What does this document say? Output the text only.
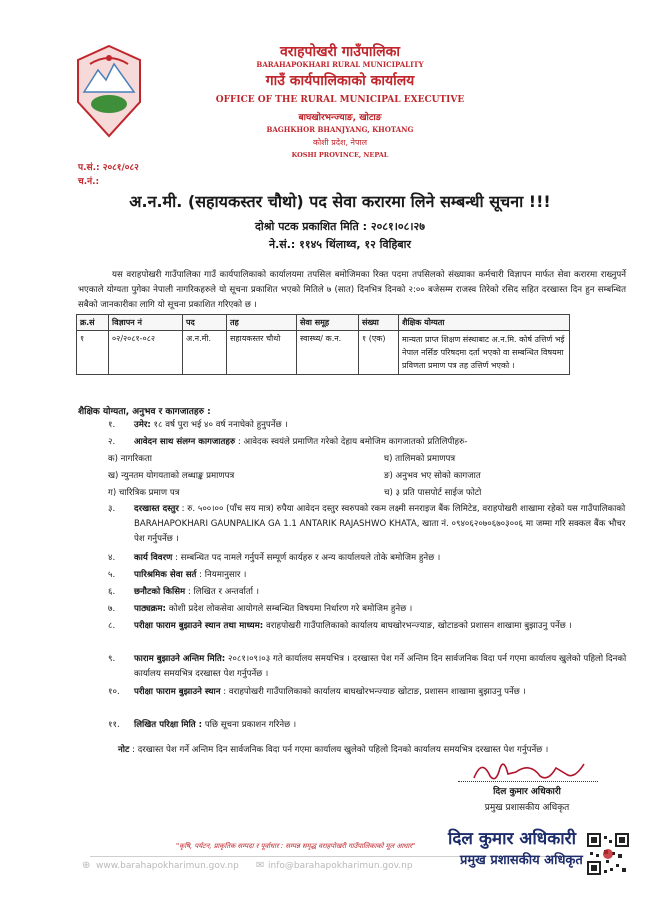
वराहपोखरी गाउँपालिका
BARAHAPOKHARI RURAL MUNICIPALITY
गाउँ कार्यपालिकाको कार्यालय
OFFICE OF THE RURAL MUNICIPAL EXECUTIVE
बाघखोरभन्ज्याङ, खोटाङ
BAGHKHOR BHANJYANG, KHOTANG
कोशी प्रदेश, नेपाल
KOSHI PROVINCE, NEPAL
प.सं.: २०८१/०८२
च.नं.:
अ.न.मी. (सहायकस्तर चौथो) पद सेवा करारमा लिने सम्बन्धी सूचना !!!
दोश्रो पटक प्रकाशित मिति : २०८१।०८।२७
ने.सं.: ११४५ थिंलाथ्व, १२ विहिबार
यस वराहपोखरी गाउँपालिका गाउँ कार्यपालिकाको कार्यालयमा तपसिल बमोजिमका रिक्त पदमा तपसिलको संख्याका कर्मचारी विज्ञापन मार्फत सेवा करारमा राख्नुपर्ने भएकाले योग्यता पुगेका नेपाली नागरिकहरुले यो सूचना प्रकाशित भएको मितिले ७ (सात) दिनभित्र दिनको २:०० बजेसम्म राजस्व तिरेको रसिद सहित दरखास्त दिन हुन सम्बन्धित सबैको जानकारीका लागि यो सूचना प्रकाशित गरिएको छ ।
क्र.सं	विज्ञापन नं	पद	तह	सेवा समूह	संख्या	शैक्षिक योग्यता
१	०२/२०८१-०८२	अ.न.मी.	सहायकस्तर चौथो	स्वास्थ्य/ क.न.	१ (एक)	मान्यता प्राप्त शिक्षण संस्थाबाट अ.न.मि. कोर्ष उत्तिर्ण भई नेपाल नर्सिङ परिषदमा दर्ता भएको वा सम्बन्धित विषयमा प्रविणता प्रमाण पत्र तह उत्तिर्ण भएको ।
शैक्षिक योग्यता, अनुभव र कागजातहरु :
१.	उमेर: १८ वर्ष पुरा भई ४० वर्ष ननाघेको हुनुपर्नेछ ।
२.	आवेदन साथ संलग्न कागजातहरु : आवेदक स्वयंले प्रमाणित गरेको देहाय बमोजिम कागजातको प्रतिलिपीहरु-
क) नागरिकता	घ) तालिमको प्रमाणपत्र
ख) न्युनतम योगयताको लब्धाङ्क प्रमाणपत्र	ङ) अनुभव भए सोको कागजात
ग) चारित्रिक प्रमाण पत्र	च) ३ प्रति पासपोर्ट साईज फोटो
३.	दरखास्त दस्तुर : रु. ५००।०० (पाँच सय मात्र) रुपैया आवेदन दस्तुर स्वरुपको रकम लक्ष्मी सनराइज बैंक लिमिटेड, वराहपोखरी शाखामा रहेको यस गाउँपालिकाको BARAHAPOKHARI GAUNPALIKA GA 1.1 ANTARIK RAJASHWO KHATA, खाता नं. ०९४०६२०७०६७०३००६ मा जम्मा गरि सक्कल बैंक भौचर पेश गर्नुपर्नेछ ।
४.	कार्य विवरण : सम्बन्धित पद नामले गर्नुपर्ने सम्पूर्ण कार्यहरु र अन्य कार्यालयले तोके बमोजिम हुनेछ ।
५.	पारिश्रमिक सेवा सर्त : नियमानुसार ।
६.	छनौटको किसिम : लिखित र अन्तर्वार्ता ।
७.	पाठ्यक्रम: कोशी प्रदेश लोकसेवा आयोगले सम्बन्धित विषयमा निर्धारण गरे बमोजिम हुनेछ ।
८.	परीक्षा फाराम बुझाउने स्थान तथा माध्यम: वराहपोखरी गाउँपालिकाको कार्यालय बाघखोरभन्ज्याङ, खोटाङको प्रशासन शाखामा बुझाउनु पर्नेछ ।
९.	फाराम बुझाउने अन्तिम मिति: २०८१।०९।०३ गते कार्यालय समयभित्र । दरखास्त पेश गर्ने अन्तिम दिन सार्वजनिक विदा पर्न गएमा कार्यालय खुलेको पहिलो दिनको कार्यालय समयभित्र दरखास्त पेश गर्नुपर्नेछ ।
१०.	परीक्षा फाराम बुझाउने स्थान : वराहपोखरी गाउँपालिकाको कार्यालय बाघखोरभन्ज्याङ खोटाङ, प्रशासन शाखामा बुझाउनु पर्नेछ ।
११.	लिखित परिक्षा मिति : पछि सूचना प्रकाशन गरिनेछ ।
नोट : दरखास्त पेश गर्ने अन्तिम दिन सार्वजनिक विदा पर्न गएमा कार्यालय खुलेको पहिलो दिनको कार्यालय समयभित्र दरखास्त पेश गर्नुपर्नेछ ।
दिल कुमार अधिकारी
प्रमुख प्रशासकीय अधिकृत
"कृषि, पर्यटन, प्राकृतिक सम्पदा र पूर्वाधार : सम्पन्न समृद्ध वराहपोखरी गाउँपालिकाको मूल आधार"
⊕ www.barahapokharimun.gov.np ✉ info@barahapokharimun.gov.np
दिल कुमार अधिकारी
प्रमुख प्रशासकीय अधिकृत
